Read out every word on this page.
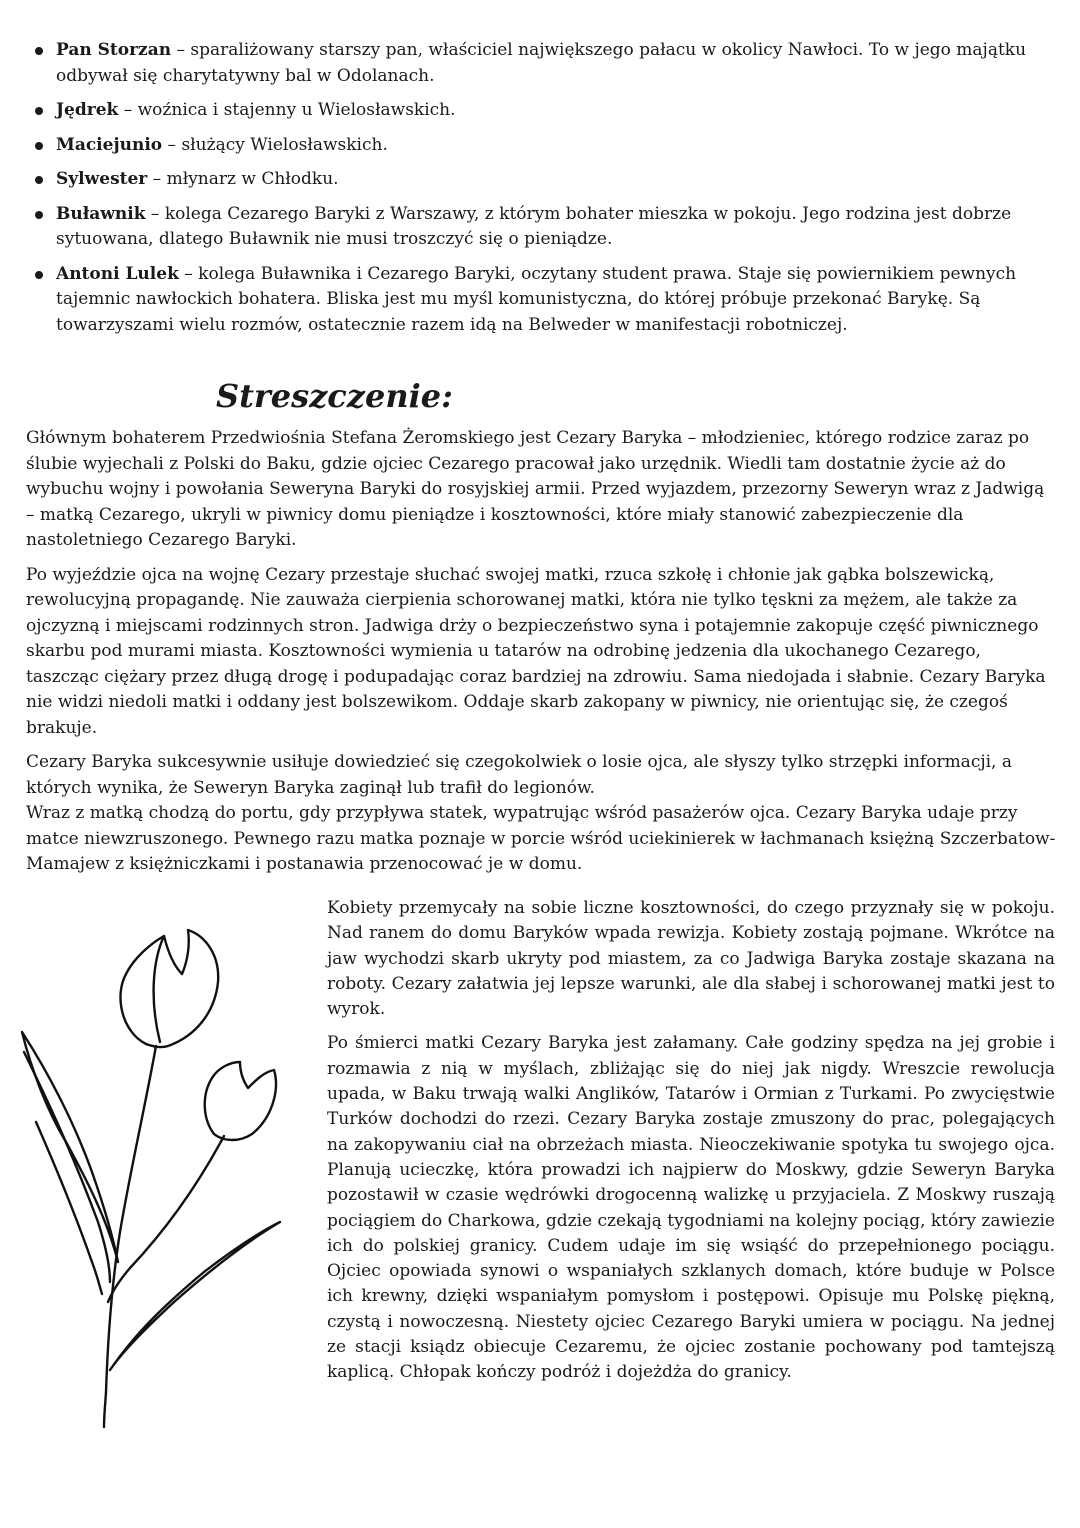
Pan Storzan – sparaliżowany starszy pan, właściciel największego pałacu w okolicy Nawłoci. To w jego majątku odbywał się charytatywny bal w Odolanach.
Jędrek – woźnica i stajenny u Wielosławskich.
Maciejunio – służący Wielosławskich.
Sylwester – młynarz w Chłodku.
Buławnik – kolega Cezarego Baryki z Warszawy, z którym bohater mieszka w pokoju. Jego rodzina jest dobrze sytuowana, dlatego Buławnik nie musi troszczyć się o pieniądze.
Antoni Lulek – kolega Buławnika i Cezarego Baryki, oczytany student prawa. Staje się powiernikiem pewnych tajemnic nawłockich bohatera. Bliska jest mu myśl komunistyczna, do której próbuje przekonać Barykę. Są towarzyszami wielu rozmów, ostatecznie razem idą na Belweder w manifestacji robotniczej.
Streszczenie:

Głównym bohaterem Przedwiośnia Stefana Żeromskiego jest Cezary Baryka – młodzieniec, którego rodzice zaraz po ślubie wyjechali z Polski do Baku, gdzie ojciec Cezarego pracował jako urzędnik. Wiedli tam dostatnie życie aż do wybuchu wojny i powołania Seweryna Baryki do rosyjskiej armii. Przed wyjazdem, przezorny Seweryn wraz z Jadwigą – matką Cezarego, ukryli w piwnicy domu pieniądze i kosztowności, które miały stanowić zabezpieczenie dla nastoletniego Cezarego Baryki.

Po wyjeździe ojca na wojnę Cezary przestaje słuchać swojej matki, rzuca szkołę i chłonie jak gąbka bolszewicką, rewolucyjną propagandę. Nie zauważa cierpienia schorowanej matki, która nie tylko tęskni za mężem, ale także za ojczyzną i miejscami rodzinnych stron. Jadwiga drży o bezpieczeństwo syna i potajemnie zakopuje część piwnicznego skarbu pod murami miasta. Kosztowności wymienia u tatarów na odrobinę jedzenia dla ukochanego Cezarego, taszcząc ciężary przez długą drogę i podupadając coraz bardziej na zdrowiu. Sama niedojada i słabnie. Cezary Baryka nie widzi niedoli matki i oddany jest bolszewikom. Oddaje skarb zakopany w piwnicy, nie orientując się, że czegoś brakuje.

Cezary Baryka sukcesywnie usiłuje dowiedzieć się czegokolwiek o losie ojca, ale słyszy tylko strzępki informacji, a których wynika, że Seweryn Baryka zaginął lub trafił do legionów.

Wraz z matką chodzą do portu, gdy przypływa statek, wypatrując wśród pasażerów ojca. Cezary Baryka udaje przy matce niewzruszonego. Pewnego razu matka poznaje w porcie wśród uciekinierek w łachmanach księżną Szczerbatow-Mamajew z księżniczkami i postanawia przenocować je w domu.

Kobiety przemycały na sobie liczne kosztowności, do czego przyznały się w pokoju. Nad ranem do domu Baryków wpada rewizja. Kobiety zostają pojmane. Wkrótce na jaw wychodzi skarb ukryty pod miastem, za co Jadwiga Baryka zostaje skazana na roboty. Cezary załatwia jej lepsze warunki, ale dla słabej i schorowanej matki jest to wyrok.

Po śmierci matki Cezary Baryka jest załamany. Całe godziny spędza na jej grobie i rozmawia z nią w myślach, zbliżając się do niej jak nigdy. Wreszcie rewolucja upada, w Baku trwają walki Anglików, Tatarów i Ormian z Turkami. Po zwycięstwie Turków dochodzi do rzezi. Cezary Baryka zostaje zmuszony do prac, polegających na zakopywaniu ciał na obrzeżach miasta. Nieoczekiwanie spotyka tu swojego ojca. Planują ucieczkę, która prowadzi ich najpierw do Moskwy, gdzie Seweryn Baryka pozostawił w czasie wędrówki drogocenną walizkę u przyjaciela. Z Moskwy ruszają pociągiem do Charkowa, gdzie czekają tygodniami na kolejny pociąg, który zawiezie ich do polskiej granicy. Cudem udaje im się wsiąść do przepełnionego pociągu. Ojciec opowiada synowi o wspaniałych szklanych domach, które buduje w Polsce ich krewny, dzięki wspaniałym pomysłom i postępowi. Opisuje mu Polskę piękną, czystą i nowoczesną. Niestety ojciec Cezarego Baryki umiera w pociągu. Na jednej ze stacji ksiądz obiecuje Cezaremu, że ojciec zostanie pochowany pod tamtejszą kaplicą. Chłopak kończy podróż i dojeżdża do granicy.
